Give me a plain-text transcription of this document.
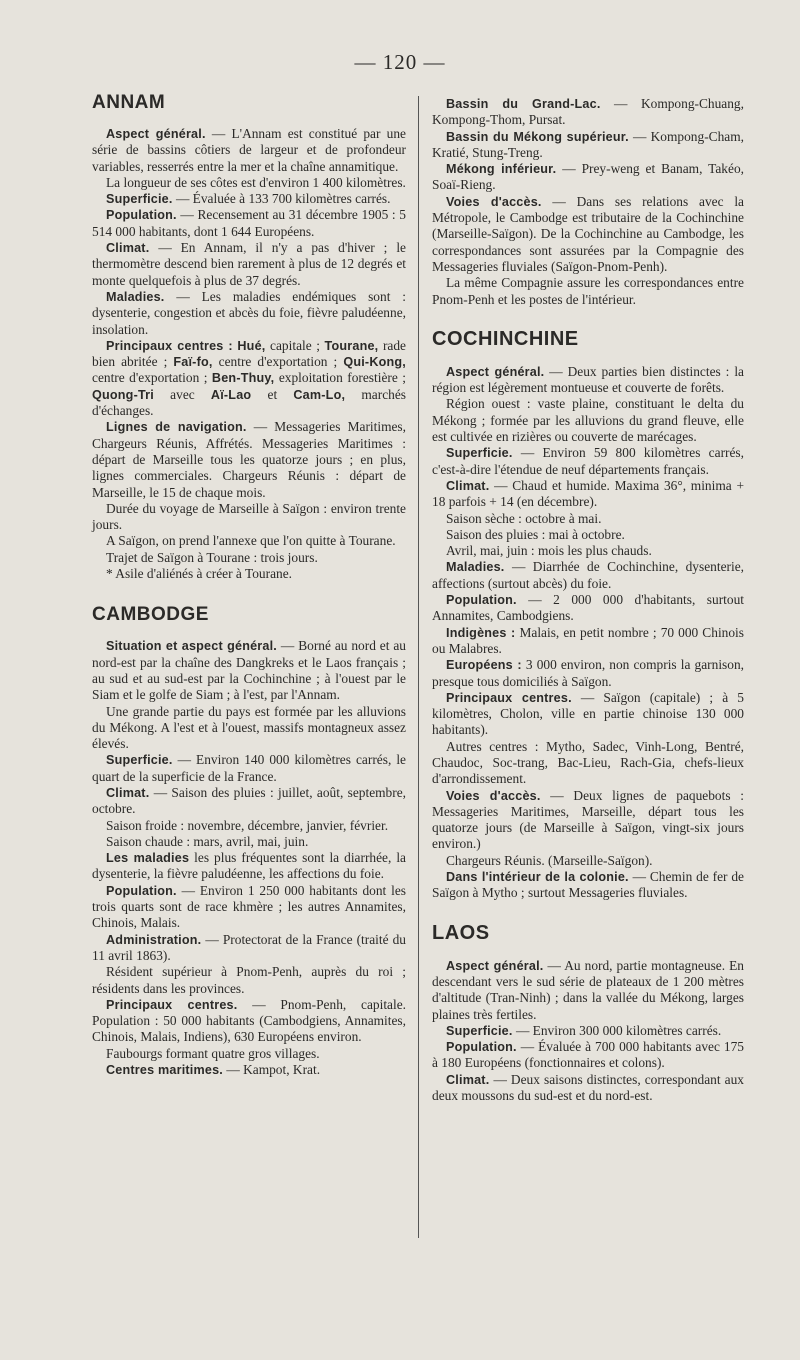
— 120 —
ANNAM

Aspect général. — L'Annam est constitué par une série de bassins côtiers de largeur et de profondeur variables, resserrés entre la mer et la chaîne annamitique.

La longueur de ses côtes est d'environ 1 400 kilomètres.

Superficie. — Évaluée à 133 700 kilomètres carrés.

Population. — Recensement au 31 décembre 1905 : 5 514 000 habitants, dont 1 644 Européens.

Climat. — En Annam, il n'y a pas d'hiver ; le thermomètre descend bien rarement à plus de 12 degrés et monte quelquefois à plus de 37 degrés.

Maladies. — Les maladies endémiques sont : dysenterie, congestion et abcès du foie, fièvre paludéenne, insolation.

Principaux centres : Hué, capitale ; Tourane, rade bien abritée ; Faï-fo, centre d'exportation ; Qui-Kong, centre d'exportation ; Ben-Thuy, exploitation forestière ; Quong-Tri avec Aï-Lao et Cam-Lo, marchés d'échanges.

Lignes de navigation. — Messageries Maritimes, Chargeurs Réunis, Affrétés. Messageries Maritimes : départ de Marseille tous les quatorze jours ; en plus, lignes commerciales. Chargeurs Réunis : départ de Marseille, le 15 de chaque mois.

Durée du voyage de Marseille à Saïgon : environ trente jours.

A Saïgon, on prend l'annexe que l'on quitte à Tourane.

Trajet de Saïgon à Tourane : trois jours.

* Asile d'aliénés à créer à Tourane.

CAMBODGE

Situation et aspect général. — Borné au nord et au nord-est par la chaîne des Dangkreks et le Laos français ; au sud et au sud-est par la Cochinchine ; à l'ouest par le Siam et le golfe de Siam ; à l'est, par l'Annam.

Une grande partie du pays est formée par les alluvions du Mékong. A l'est et à l'ouest, massifs montagneux assez élevés.

Superficie. — Environ 140 000 kilomètres carrés, le quart de la superficie de la France.

Climat. — Saison des pluies : juillet, août, septembre, octobre.

Saison froide : novembre, décembre, janvier, février.

Saison chaude : mars, avril, mai, juin.

Les maladies les plus fréquentes sont la diarrhée, la dysenterie, la fièvre paludéenne, les affections du foie.

Population. — Environ 1 250 000 habitants dont les trois quarts sont de race khmère ; les autres Annamites, Chinois, Malais.

Administration. — Protectorat de la France (traité du 11 avril 1863).

Résident supérieur à Pnom-Penh, auprès du roi ; résidents dans les provinces.

Principaux centres. — Pnom-Penh, capitale. Population : 50 000 habitants (Cambodgiens, Annamites, Chinois, Malais, Indiens), 630 Européens environ.

Faubourgs formant quatre gros villages.

Centres maritimes. — Kampot, Krat.

Bassin du Grand-Lac. — Kompong-Chuang, Kompong-Thom, Pursat.

Bassin du Mékong supérieur. — Kompong-Cham, Kratié, Stung-Treng.

Mékong inférieur. — Prey-weng et Banam, Takéo, Soaï-Rieng.

Voies d'accès. — Dans ses relations avec la Métropole, le Cambodge est tributaire de la Cochinchine (Marseille-Saïgon). De la Cochinchine au Cambodge, les correspondances sont assurées par la Compagnie des Messageries fluviales (Saïgon-Pnom-Penh).

La même Compagnie assure les correspondances entre Pnom-Penh et les postes de l'intérieur.

COCHINCHINE

Aspect général. — Deux parties bien distinctes : la région est légèrement montueuse et couverte de forêts.

Région ouest : vaste plaine, constituant le delta du Mékong ; formée par les alluvions du grand fleuve, elle est cultivée en rizières ou couverte de marécages.

Superficie. — Environ 59 800 kilomètres carrés, c'est-à-dire l'étendue de neuf départements français.

Climat. — Chaud et humide. Maxima 36°, minima + 18 parfois + 14 (en décembre).

Saison sèche : octobre à mai.

Saison des pluies : mai à octobre.

Avril, mai, juin : mois les plus chauds.

Maladies. — Diarrhée de Cochinchine, dysenterie, affections (surtout abcès) du foie.

Population. — 2 000 000 d'habitants, surtout Annamites, Cambodgiens.

Indigènes : Malais, en petit nombre ; 70 000 Chinois ou Malabres.

Européens : 3 000 environ, non compris la garnison, presque tous domiciliés à Saïgon.

Principaux centres. — Saïgon (capitale) ; à 5 kilomètres, Cholon, ville en partie chinoise 130 000 habitants).

Autres centres : Mytho, Sadec, Vinh-Long, Bentré, Chaudoc, Soc-trang, Bac-Lieu, Rach-Gia, chefs-lieux d'arrondissement.

Voies d'accès. — Deux lignes de paquebots : Messageries Maritimes, Marseille, départ tous les quatorze jours (de Marseille à Saïgon, vingt-six jours environ.)

Chargeurs Réunis. (Marseille-Saïgon).

Dans l'intérieur de la colonie. — Chemin de fer de Saïgon à Mytho ; surtout Messageries fluviales.

LAOS

Aspect général. — Au nord, partie montagneuse. En descendant vers le sud série de plateaux de 1 200 mètres d'altitude (Tran-Ninh) ; dans la vallée du Mékong, larges plaines très fertiles.

Superficie. — Environ 300 000 kilomètres carrés.

Population. — Évaluée à 700 000 habitants avec 175 à 180 Européens (fonctionnaires et colons).

Climat. — Deux saisons distinctes, correspondant aux deux moussons du sud-est et du nord-est.
